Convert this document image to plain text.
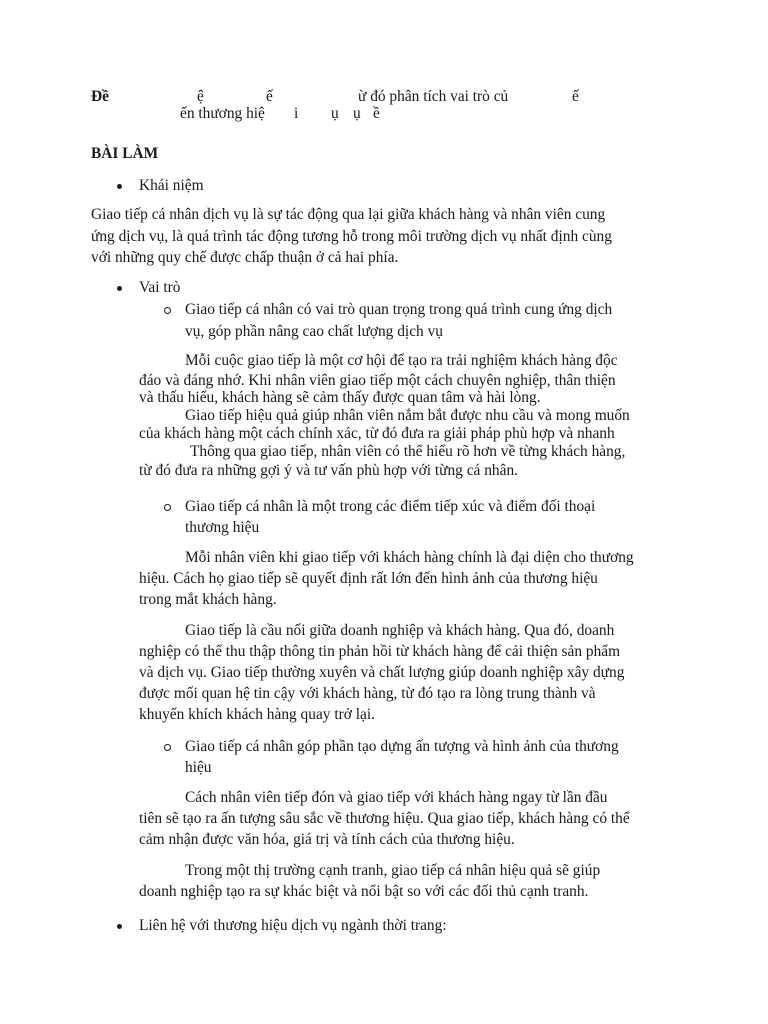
Đề	ệ	ế	ừ đó phân tích vai trò củ	ế
ến thương hiệ i ụ ụ ề
BÀI LÀM
Khái niệm
Giao tiếp cá nhân dịch vụ là sự tác động qua lại giữa khách hàng và nhân viên cung
ứng dịch vụ, là quá trình tác động tương hỗ trong môi trường dịch vụ nhất định cùng
với những quy chế được chấp thuận ở cả hai phía.
Vai trò
Giao tiếp cá nhân có vai trò quan trọng trong quá trình cung ứng dịch
vụ, góp phần nâng cao chất lượng dịch vụ
Mỗi cuộc giao tiếp là một cơ hội để tạo ra trải nghiệm khách hàng độc
đáo và đáng nhớ. Khi nhân viên giao tiếp một cách chuyên nghiệp, thân thiện
và thấu hiểu, khách hàng sẽ cảm thấy được quan tâm và hài lòng.
Giao tiếp hiệu quả giúp nhân viên nắm bắt được nhu cầu và mong muốn
của khách hàng một cách chính xác, từ đó đưa ra giải pháp phù hợp và nhanh
Thông qua giao tiếp, nhân viên có thể hiểu rõ hơn về từng khách hàng,
từ đó đưa ra những gợi ý và tư vấn phù hợp với từng cá nhân.
Giao tiếp cá nhân là một trong các điểm tiếp xúc và điểm đối thoại
thương hiệu
Mỗi nhân viên khi giao tiếp với khách hàng chính là đại diện cho thương
hiệu. Cách họ giao tiếp sẽ quyết định rất lớn đến hình ảnh của thương hiệu
trong mắt khách hàng.
Giao tiếp là cầu nối giữa doanh nghiệp và khách hàng. Qua đó, doanh
nghiệp có thể thu thập thông tin phản hồi từ khách hàng để cải thiện sản phẩm
và dịch vụ. Giao tiếp thường xuyên và chất lượng giúp doanh nghiệp xây dựng
được mối quan hệ tin cậy với khách hàng, từ đó tạo ra lòng trung thành và
khuyến khích khách hàng quay trở lại.
Giao tiếp cá nhân góp phần tạo dựng ấn tượng và hình ảnh của thương
hiệu
Cách nhân viên tiếp đón và giao tiếp với khách hàng ngay từ lần đầu
tiên sẽ tạo ra ấn tượng sâu sắc về thương hiệu. Qua giao tiếp, khách hàng có thể
cảm nhận được văn hóa, giá trị và tính cách của thương hiệu.
Trong một thị trường cạnh tranh, giao tiếp cá nhân hiệu quả sẽ giúp
doanh nghiệp tạo ra sự khác biệt và nổi bật so với các đối thủ cạnh tranh.
Liên hệ với thương hiệu dịch vụ ngành thời trang:
